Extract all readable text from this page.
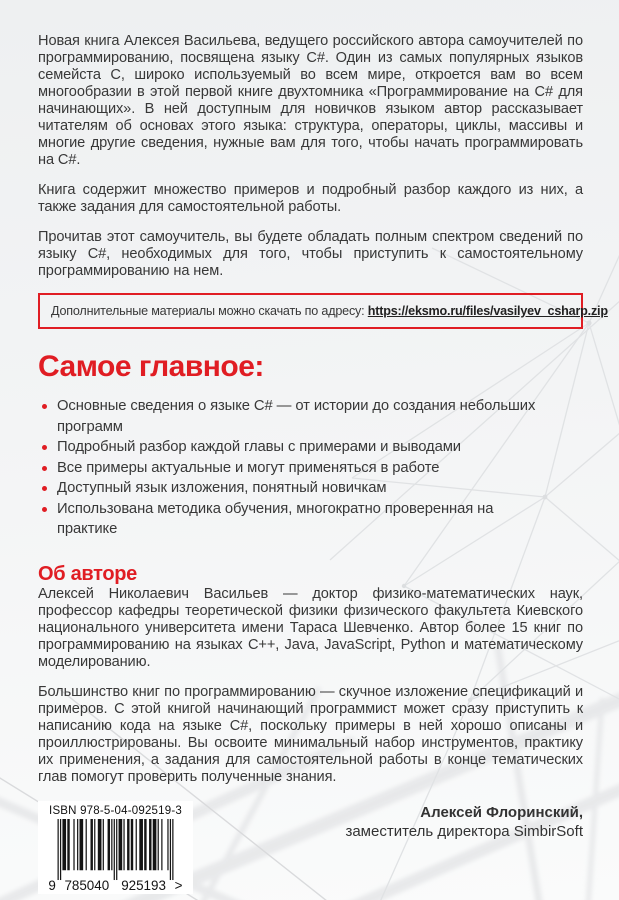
Новая книга Алексея Васильева, ведущего российского автора самоучителей по программированию, посвящена языку C#. Один из самых популярных языков семейста С, широко используемый во всем мире, откроется вам во всем многообразии в этой первой книге двухтомника «Программирование на C# для начинающих». В ней доступным для новичков языком автор рассказывает читателям об основах этого языка: структура, операторы, циклы, массивы и многие другие сведения, нужные вам для того, чтобы начать программировать на C#.

Книга содержит множество примеров и подробный разбор каждого из них, а также задания для самостоятельной работы.

Прочитав этот самоучитель, вы будете обладать полным спектром сведений по языку C#, необходимых для того, чтобы приступить к самостоятельному программированию на нем.

Дополнительные материалы можно скачать по адресу: https://eksmo.ru/files/vasilyev_csharp.zip
Самое главное:
Основные сведения о языке C# — от истории до создания небольших программ
Подробный разбор каждой главы с примерами и выводами
Все примеры актуальные и могут применяться в работе
Доступный язык изложения, понятный новичкам
Использована методика обучения, многократно проверенная на практике
Об авторе

Алексей Николаевич Васильев — доктор физико-математических наук, профессор кафедры теоретической физики физического факультета Киевского национального университета имени Тараса Шевченко. Автор более 15 книг по программированию на языках C++, Java, JavaScript, Python и математическому моделированию.

Большинство книг по программированию — скучное изложение спецификаций и примеров. С этой книгой начинающий программист может сразу приступить к написанию кода на языке C#, поскольку примеры в ней хорошо описаны и проиллюстрированы. Вы освоите минимальный набор инструментов, практику их применения, а задания для самостоятельной работы в конце тематических глав помогут проверить полученные знания.

ISBN 978-5-04-092519-3
9 785040 925193 >
Алексей Флоринский,
заместитель директора SimbirSoft
